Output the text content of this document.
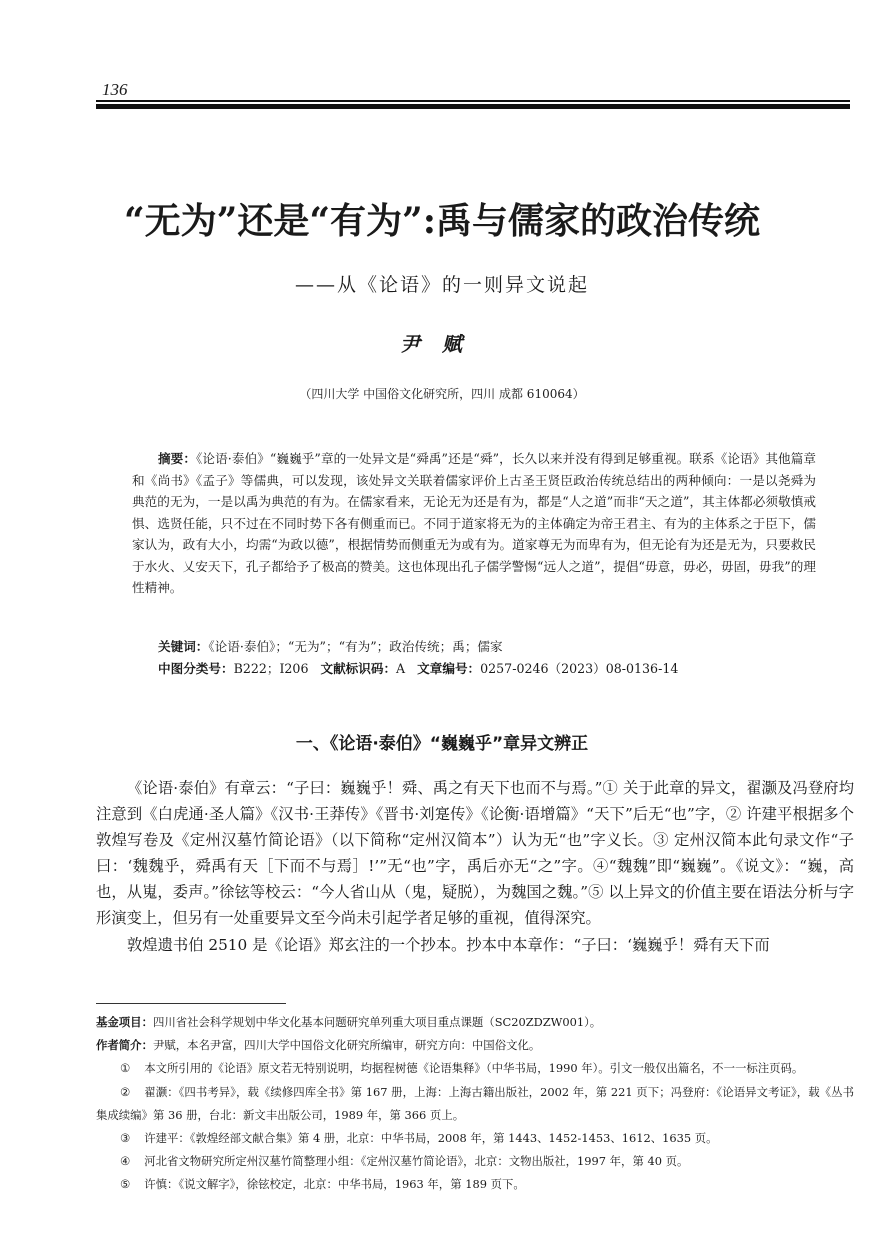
136
“无为”还是“有为”:禹与儒家的政治传统
——从《论语》的一则异文说起
尹赋
（四川大学 中国俗文化研究所，四川 成都 610064）

摘要：《论语·泰伯》“巍巍乎”章的一处异文是“舜禹”还是“舜”，长久以来并没有得到足够重视。联系《论语》其他篇章和《尚书》《孟子》等儒典，可以发现，该处异文关联着儒家评价上古圣王贤臣政治传统总结出的两种倾向：一是以尧舜为典范的无为，一是以禹为典范的有为。在儒家看来，无论无为还是有为，都是“人之道”而非“天之道”，其主体都必须敬慎戒惧、选贤任能，只不过在不同时势下各有侧重而已。不同于道家将无为的主体确定为帝王君主、有为的主体系之于臣下，儒家认为，政有大小，均需“为政以德”，根据情势而侧重无为或有为。道家尊无为而卑有为，但无论有为还是无为，只要救民于水火、乂安天下，孔子都给予了极高的赞美。这也体现出孔子儒学警惕“远人之道”，提倡“毋意，毋必，毋固，毋我”的理性精神。

关键词：《论语·泰伯》；“无为”；“有为”；政治传统；禹；儒家
中图分类号：B222；I206 文献标识码：A 文章编号：0257-0246（2023）08-0136-14
一、《论语·泰伯》“巍巍乎”章异文辨正

《论语·泰伯》有章云：“子曰：巍巍乎！舜、禹之有天下也而不与焉。”① 关于此章的异文，翟灏及冯登府均注意到《白虎通·圣人篇》《汉书·王莽传》《晋书·刘寔传》《论衡·语增篇》“天下”后无“也”字，② 许建平根据多个敦煌写卷及《定州汉墓竹简论语》（以下简称“定州汉简本”）认为无“也”字义长。③ 定州汉简本此句录文作“子曰：‘魏魏乎，舜禹有天［下而不与焉］!’”无“也”字，禹后亦无“之”字。④“魏魏”即“巍巍”。《说文》：“巍，高也，从嵬，委声。”徐铉等校云：“今人省山从（鬼，疑脱），为魏国之魏。”⑤ 以上异文的价值主要在语法分析与字形演变上，但另有一处重要异文至今尚未引起学者足够的重视，值得深究。

敦煌遗书伯 2510 是《论语》郑玄注的一个抄本。抄本中本章作：“子曰：‘巍巍乎！舜有天下而

基金项目：四川省社会科学规划中华文化基本问题研究单列重大项目重点课题（SC20ZDZW001）。

作者简介：尹赋，本名尹富，四川大学中国俗文化研究所编审，研究方向：中国俗文化。

① 本文所引用的《论语》原文若无特别说明，均据程树德《论语集释》（中华书局，1990 年）。引文一般仅出篇名，不一一标注页码。

② 翟灏：《四书考异》，载《续修四库全书》第 167 册，上海：上海古籍出版社，2002 年，第 221 页下；冯登府：《论语异文考证》，载《丛书集成续编》第 36 册，台北：新文丰出版公司，1989 年，第 366 页上。

③ 许建平：《敦煌经部文献合集》第 4 册，北京：中华书局，2008 年，第 1443、1452-1453、1612、1635 页。

④ 河北省文物研究所定州汉墓竹简整理小组：《定州汉墓竹简论语》，北京：文物出版社，1997 年，第 40 页。

⑤ 许慎：《说文解字》，徐铉校定，北京：中华书局，1963 年，第 189 页下。
